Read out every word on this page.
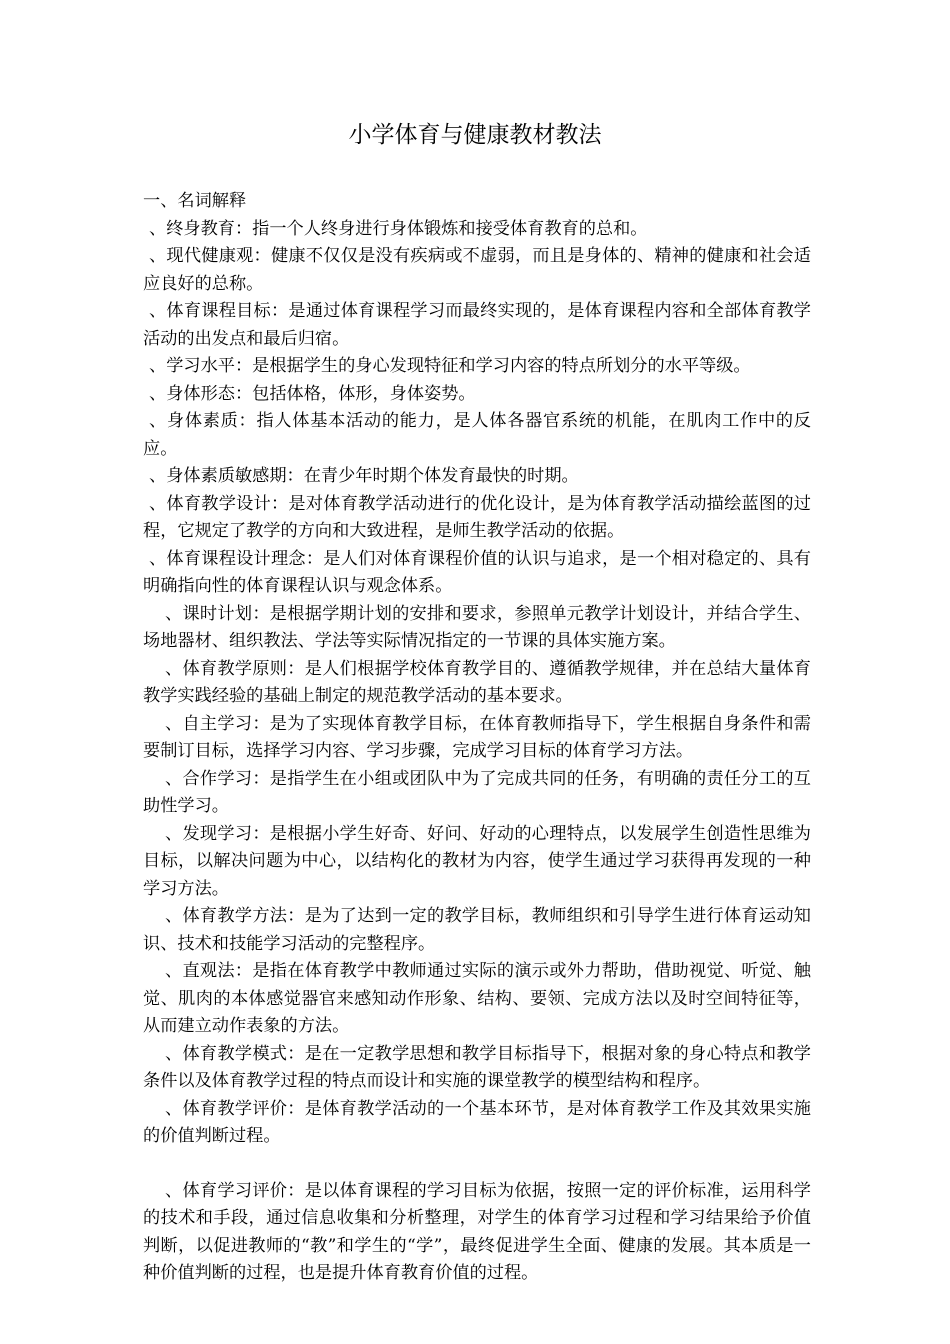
小学体育与健康教材教法

一、名词解释

、终身教育：指一个人终身进行身体锻炼和接受体育教育的总和。

、现代健康观：健康不仅仅是没有疾病或不虚弱，而且是身体的、精神的健康和社会适应良好的总称。

、体育课程目标：是通过体育课程学习而最终实现的，是体育课程内容和全部体育教学活动的出发点和最后归宿。

、学习水平：是根据学生的身心发现特征和学习内容的特点所划分的水平等级。

、身体形态：包括体格，体形，身体姿势。

、身体素质：指人体基本活动的能力，是人体各器官系统的机能，在肌肉工作中的反应。

、身体素质敏感期：在青少年时期个体发育最快的时期。

、体育教学设计：是对体育教学活动进行的优化设计，是为体育教学活动描绘蓝图的过程，它规定了教学的方向和大致进程，是师生教学活动的依据。

、体育课程设计理念：是人们对体育课程价值的认识与追求，是一个相对稳定的、具有明确指向性的体育课程认识与观念体系。

、课时计划：是根据学期计划的安排和要求，参照单元教学计划设计，并结合学生、场地器材、组织教法、学法等实际情况指定的一节课的具体实施方案。

、体育教学原则：是人们根据学校体育教学目的、遵循教学规律，并在总结大量体育教学实践经验的基础上制定的规范教学活动的基本要求。

、自主学习：是为了实现体育教学目标，在体育教师指导下，学生根据自身条件和需要制订目标，选择学习内容、学习步骤，完成学习目标的体育学习方法。

、合作学习：是指学生在小组或团队中为了完成共同的任务，有明确的责任分工的互助性学习。

、发现学习：是根据小学生好奇、好问、好动的心理特点，以发展学生创造性思维为目标，以解决问题为中心，以结构化的教材为内容，使学生通过学习获得再发现的一种学习方法。

、体育教学方法：是为了达到一定的教学目标，教师组织和引导学生进行体育运动知识、技术和技能学习活动的完整程序。

、直观法：是指在体育教学中教师通过实际的演示或外力帮助，借助视觉、听觉、触觉、肌肉的本体感觉器官来感知动作形象、结构、要领、完成方法以及时空间特征等，从而建立动作表象的方法。

、体育教学模式：是在一定教学思想和教学目标指导下，根据对象的身心特点和教学条件以及体育教学过程的特点而设计和实施的课堂教学的模型结构和程序。

、体育教学评价：是体育教学活动的一个基本环节，是对体育教学工作及其效果实施的价值判断过程。

、体育学习评价：是以体育课程的学习目标为依据，按照一定的评价标准，运用科学的技术和手段，通过信息收集和分析整理，对学生的体育学习过程和学习结果给予价值判断，以促进教师的“教”和学生的“学”，最终促进学生全面、健康的发展。其本质是一种价值判断的过程，也是提升体育教育价值的过程。
